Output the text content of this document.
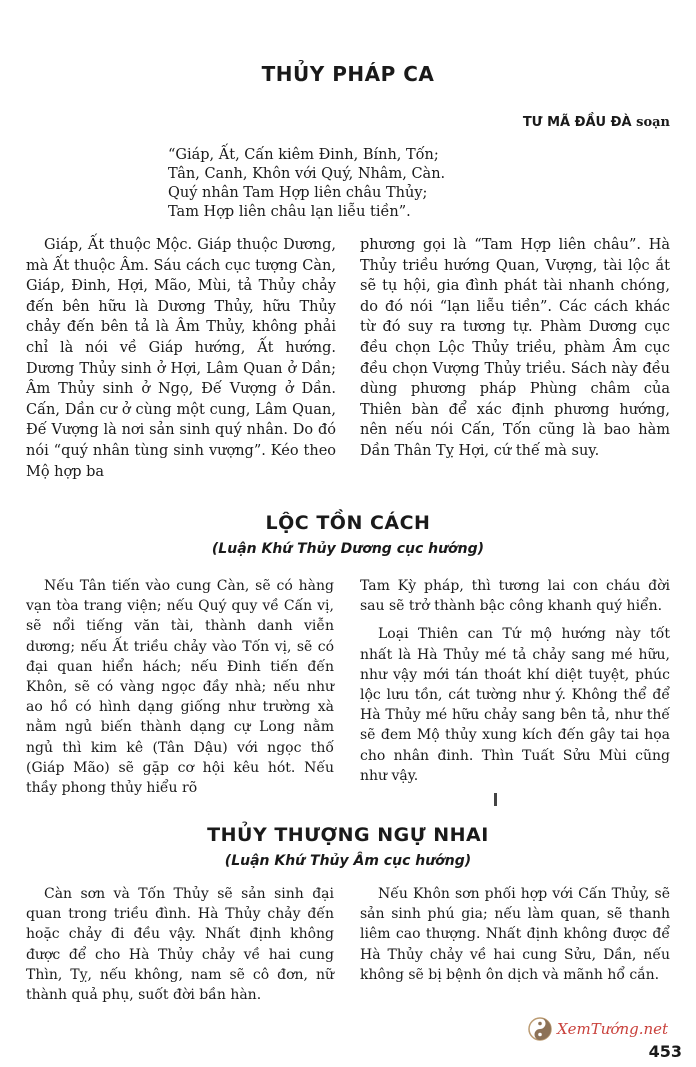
THỦY PHÁP CA
TƯ MÃ ĐẦU ĐÀ soạn
“Giáp, Ất, Cấn kiêm Đinh, Bính, Tốn;
Tân, Canh, Khôn với Quý, Nhâm, Càn.
Quý nhân Tam Hợp liên châu Thủy;
Tam Hợp liên châu lạn liễu tiền”.

Giáp, Ất thuộc Mộc. Giáp thuộc Dương, mà Ất thuộc Âm. Sáu cách cục tượng Càn, Giáp, Đinh, Hợi, Mão, Mùi, tả Thủy chảy đến bên hữu là Dương Thủy, hữu Thủy chảy đến bên tả là Âm Thủy, không phải chỉ là nói về Giáp hướng, Ất hướng. Dương Thủy sinh ở Hợi, Lâm Quan ở Dần; Âm Thủy sinh ở Ngọ, Đế Vượng ở Dần. Cấn, Dần cư ở cùng một cung, Lâm Quan, Đế Vượng là nơi sản sinh quý nhân. Do đó nói “quý nhân tùng sinh vượng”. Kéo theo Mộ hợp ba

phương gọi là “Tam Hợp liên châu”. Hà Thủy triều hướng Quan, Vượng, tài lộc ắt sẽ tụ hội, gia đình phát tài nhanh chóng, do đó nói “lạn liễu tiền”. Các cách khác từ đó suy ra tương tự. Phàm Dương cục đều chọn Lộc Thủy triều, phàm Âm cục đều chọn Vượng Thủy triều. Sách này đều dùng phương pháp Phùng châm của Thiên bàn để xác định phương hướng, nên nếu nói Cấn, Tốn cũng là bao hàm Dần Thân Tỵ Hợi, cứ thế mà suy.

LỘC TỒN CÁCH
(Luận Khứ Thủy Dương cục hướng)

Nếu Tân tiến vào cung Càn, sẽ có hàng vạn tòa trang viện; nếu Quý quy về Cấn vị, sẽ nổi tiếng văn tài, thành danh viễn dương; nếu Ất triều chảy vào Tốn vị, sẽ có đại quan hiển hách; nếu Đinh tiến đến Khôn, sẽ có vàng ngọc đầy nhà; nếu như ao hồ có hình dạng giống như trường xà nằm ngủ biến thành dạng cự Long nằm ngủ thì kim kê (Tân Dậu) với ngọc thố (Giáp Mão) sẽ gặp cơ hội kêu hót. Nếu thầy phong thủy hiểu rõ

Tam Kỳ pháp, thì tương lai con cháu đời sau sẽ trở thành bậc công khanh quý hiển.

Loại Thiên can Tứ mộ hướng này tốt nhất là Hà Thủy mé tả chảy sang mé hữu, như vậy mới tán thoát khí diệt tuyệt, phúc lộc lưu tồn, cát tường như ý. Không thể để Hà Thủy mé hữu chảy sang bên tả, như thế sẽ đem Mộ thủy xung kích đến gây tai họa cho nhân đinh. Thìn Tuất Sửu Mùi cũng như vậy.

THỦY THƯỢNG NGỰ NHAI
(Luận Khứ Thủy Âm cục hướng)

Càn sơn và Tốn Thủy sẽ sản sinh đại quan trong triều đình. Hà Thủy chảy đến hoặc chảy đi đều vậy. Nhất định không được để cho Hà Thủy chảy về hai cung Thìn, Tỵ, nếu không, nam sẽ cô đơn, nữ thành quả phụ, suốt đời bần hàn.

Nếu Khôn sơn phối hợp với Cấn Thủy, sẽ sản sinh phú gia; nếu làm quan, sẽ thanh liêm cao thượng. Nhất định không được để Hà Thủy chảy về hai cung Sửu, Dần, nếu không sẽ bị bệnh ôn dịch và mãnh hổ cắn.

XemTướng.net
453
